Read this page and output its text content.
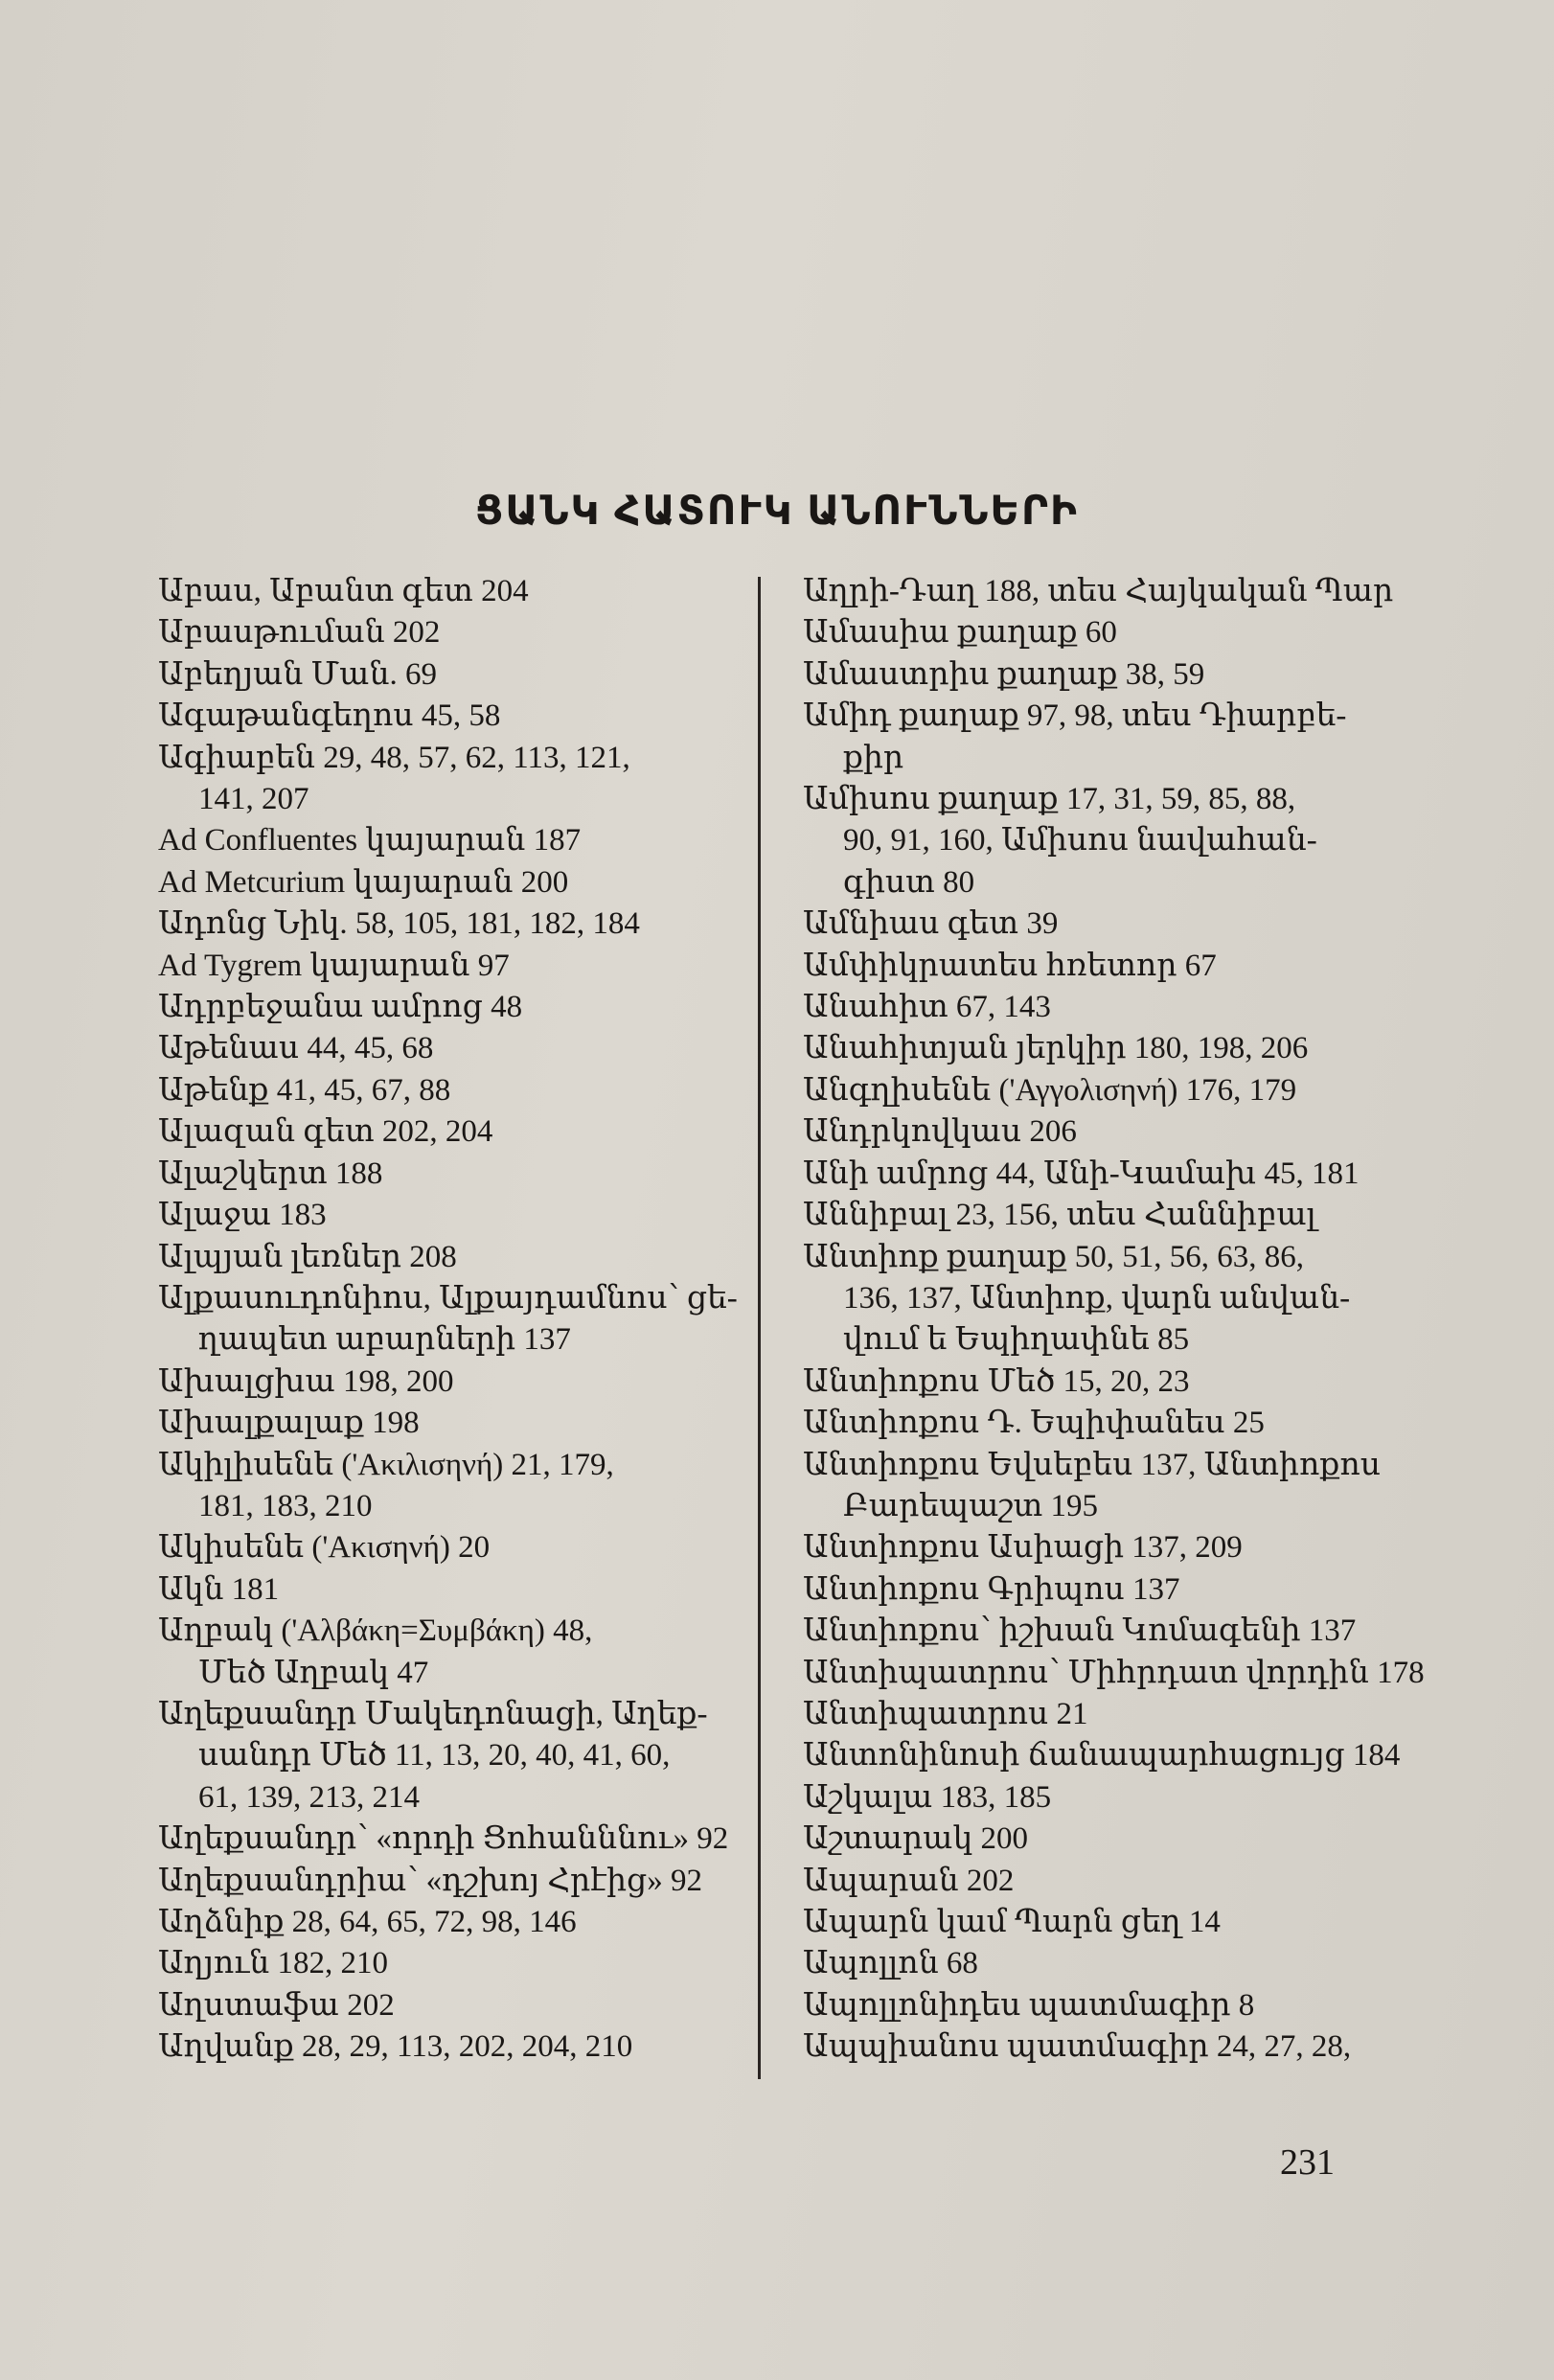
ՑԱՆԿ ՀԱՏՈՒԿ ԱՆՈՒՆՆԵՐԻ
Աբաս, Աբանտ գետ 204
Աբասթուման 202
Աբեղյան Ման. 69
Ագաթանգեղոս 45, 58
Ագիաբեն 29, 48, 57, 62, 113, 121,
141, 207
Ad Confluentes կայարան 187
Ad Metcurium կայարան 200
Ադոնց Նիկ. 58, 105, 181, 182, 184
Ad Tygrem կայարան 97
Ադրբեջանա ամրոց 48
Աթենաս 44, 45, 68
Աթենք 41, 45, 67, 88
Ալազան գետ 202, 204
Ալաշկերտ 188
Ալաջա 183
Ալպյան լեռներ 208
Ալքասուդոնիոս, Ալքայդամնոս՝ ցե-
ղապետ աբարների 137
Ախալցխա 198, 200
Ախալքալաք 198
Ակիլիսենե ('Ακιλισηνή) 21, 179,
181, 183, 210
Ակիսենե ('Ακισηνή) 20
Ակն 181
Աղբակ ('Αλβάκη=Συμβάκη) 48,
Մեծ Աղբակ 47
Աղեքսանդր Մակեդոնացի, Աղեք-
սանդր Մեծ 11, 13, 20, 40, 41, 60,
61, 139, 213, 214
Աղեքսանդր՝ «որդի Ցոհանննու» 92
Աղեքսանդրիա՝ «դշխոյ Հրէից» 92
Աղձնիք 28, 64, 65, 72, 98, 146
Աղյուն 182, 210
Աղստաֆա 202
Աղվանք 28, 29, 113, 202, 204, 210
Աղրի-Դաղ 188, տես Հայկական Պար
Ամասիա քաղաք 60
Ամաստրիս քաղաք 38, 59
Ամիդ քաղաք 97, 98, տես Դիարբե-
քիր
Ամիսոս քաղաք 17, 31, 59, 85, 88,
90, 91, 160, Ամիսոս նավահան-
գիստ 80
Ամնիաս գետ 39
Ամփիկրատես հռետոր 67
Անահիտ 67, 143
Անահիտյան յերկիր 180, 198, 206
Անգղիսենե ('Αγγολισηνή) 176, 179
Անդրկովկաս 206
Անի ամրոց 44, Անի-Կամախ 45, 181
Աննիբալ 23, 156, տես Հաննիբալ
Անտիոք քաղաք 50, 51, 56, 63, 86,
136, 137, Անտիոք, վարն անվան-
վում ե Եպիղափնե 85
Անտիոքոս Մեծ 15, 20, 23
Անտիոքոս Դ. Եպիփանես 25
Անտիոքոս Եվսեբես 137, Անտիոքոս
Բարեպաշտ 195
Անտիոքոս Ասիացի 137, 209
Անտիոքոս Գրիպոս 137
Անտիոքոս՝ իշխան Կոմագենի 137
Անտիպատրոս՝ Միհրդատ վորդին 178
Անտիպատրոս 21
Անտոնինոսի ճանապարհացույց 184
Աշկալա 183, 185
Աշտարակ 200
Ապարան 202
Ապարն կամ Պարն ցեղ 14
Ապոլլոն 68
Ապոլլոնիդես պատմագիր 8
Ապպիանոս պատմագիր 24, 27, 28,
231
